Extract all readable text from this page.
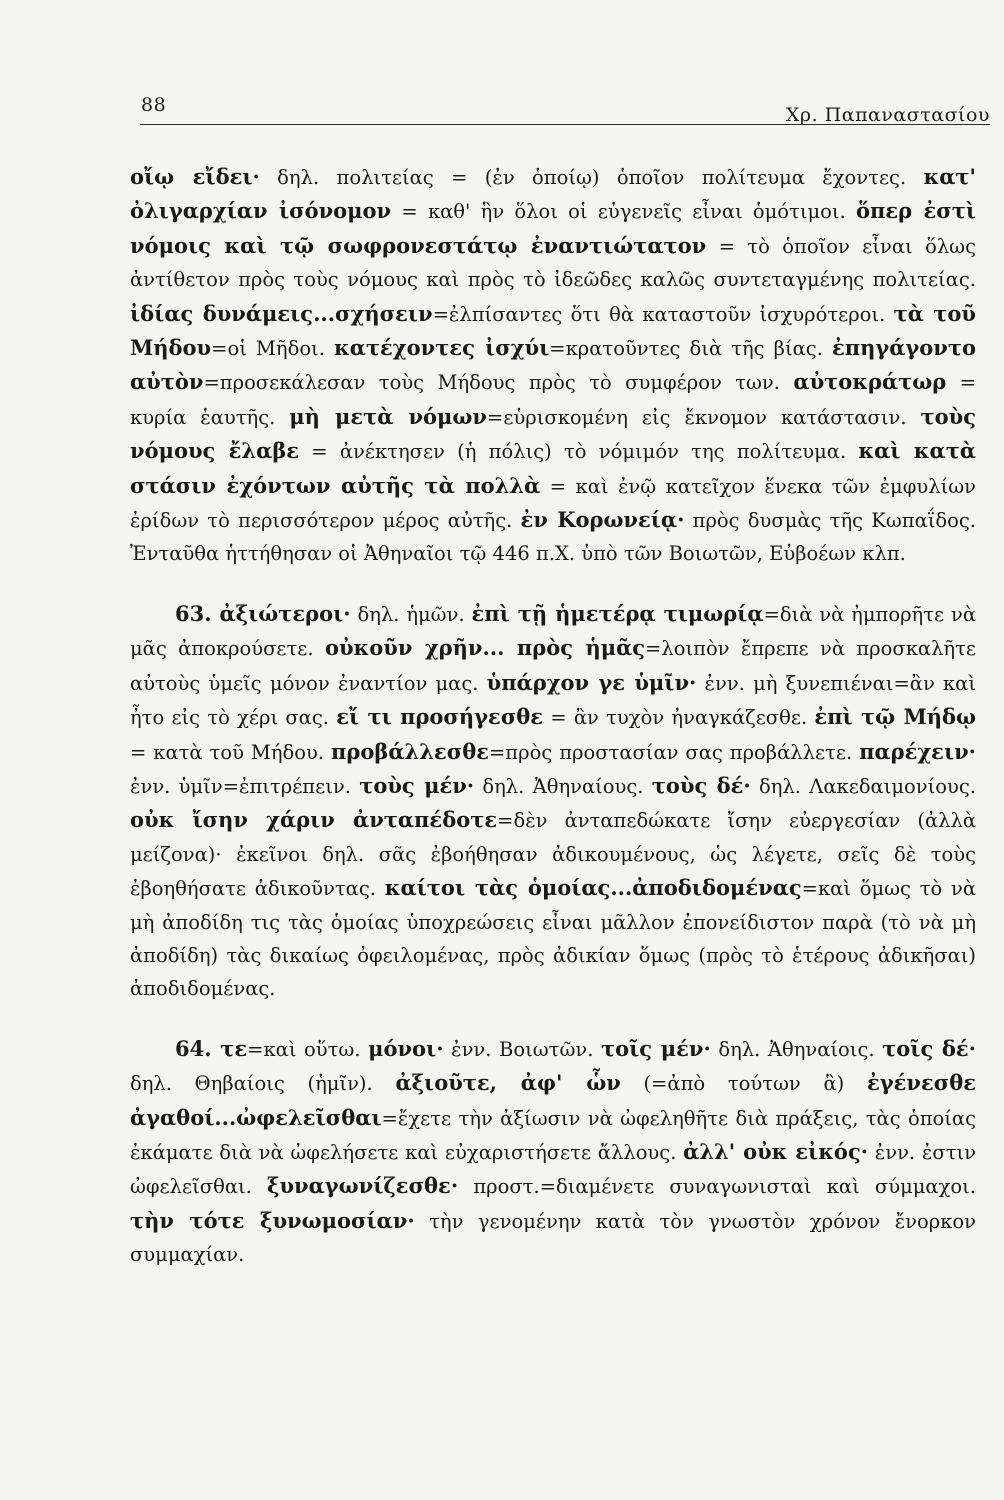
88	Χρ. Παπαναστασίου

οἴῳ εἴδει· δηλ. πολιτείας = (ἐν ὁποίῳ) ὁποῖον πολίτευμα ἔχοντες. κατ' ὀλιγαρχίαν ἰσόνομον = καθ' ἣν ὅλοι οἱ εὐγενεῖς εἶναι ὁμότιμοι. ὅπερ ἐστὶ νόμοις καὶ τῷ σωφρονεστάτῳ ἐναντιώτατον = τὸ ὁποῖον εἶναι ὅλως ἀντίθετον πρὸς τοὺς νόμους καὶ πρὸς τὸ ἰδεῶδες καλῶς συντεταγμένης πολιτείας. ἰδίας δυνάμεις...σχήσειν=ἐλπίσαντες ὅτι θὰ καταστοῦν ἰσχυρότεροι. τὰ τοῦ Μήδου=οἱ Μῆδοι. κατέχοντες ἰσχύι=κρατοῦντες διὰ τῆς βίας. ἐπηγάγοντο αὐτὸν=προσεκάλεσαν τοὺς Μήδους πρὸς τὸ συμφέρον των. αὐτοκράτωρ = κυρία ἑαυτῆς. μὴ μετὰ νόμων=εὑρισκομένη εἰς ἔκνομον κατάστασιν. τοὺς νόμους ἔλαβε = ἀνέκτησεν (ἡ πόλις) τὸ νόμιμόν της πολίτευμα. καὶ κατὰ στάσιν ἐχόντων αὐτῆς τὰ πολλὰ = καὶ ἐνῷ κατεῖχον ἕνεκα τῶν ἐμφυλίων ἐρίδων τὸ περισσότερον μέρος αὐτῆς. ἐν Κορωνείᾳ· πρὸς δυσμὰς τῆς Κωπαΐδος. Ἐνταῦθα ἡττήθησαν οἱ Ἀθηναῖοι τῷ 446 π.Χ. ὑπὸ τῶν Βοιωτῶν, Εὐβοέων κλπ.

63. ἀξιώτεροι· δηλ. ἡμῶν. ἐπὶ τῇ ἡμετέρᾳ τιμωρίᾳ=διὰ νὰ ἠμπορῆτε νὰ μᾶς ἀποκρούσετε. οὐκοῦν χρῆν... πρὸς ἡμᾶς=λοιπὸν ἔπρεπε νὰ προσκαλῆτε αὐτοὺς ὑμεῖς μόνον ἐναντίον μας. ὑπάρχον γε ὑμῖν· ἐνν. μὴ ξυνεπιέναι=ἂν καὶ ἦτο εἰς τὸ χέρι σας. εἴ τι προσήγεσθε = ἂν τυχὸν ἠναγκάζεσθε. ἐπὶ τῷ Μήδῳ = κατὰ τοῦ Μήδου. προβάλλεσθε=πρὸς προστασίαν σας προβάλλετε. παρέχειν· ἐνν. ὑμῖν=ἐπιτρέπειν. τοὺς μέν· δηλ. Ἀθηναίους. τοὺς δέ· δηλ. Λακεδαιμονίους. οὐκ ἴσην χάριν ἀνταπέδοτε=δὲν ἀνταπεδώκατε ἴσην εὐεργεσίαν (ἀλλὰ μείζονα)· ἐκεῖνοι δηλ. σᾶς ἐβοήθησαν ἀδικουμένους, ὡς λέγετε, σεῖς δὲ τοὺς ἐβοηθήσατε ἀδικοῦντας. καίτοι τὰς ὁμοίας...ἀποδιδομένας=καὶ ὅμως τὸ νὰ μὴ ἀποδίδη τις τὰς ὁμοίας ὑποχρεώσεις εἶναι μᾶλλον ἐπονείδιστον παρὰ (τὸ νὰ μὴ ἀποδίδη) τὰς δικαίως ὀφειλομένας, πρὸς ἀδικίαν ὅμως (πρὸς τὸ ἑτέρους ἀδικῆσαι) ἀποδιδομένας.

64. τε=καὶ οὕτω. μόνοι· ἐνν. Βοιωτῶν. τοῖς μέν· δηλ. Ἀθηναίοις. τοῖς δέ· δηλ. Θηβαίοις (ἡμῖν). ἀξιοῦτε, ἀφ' ὧν (=ἀπὸ τούτων ἃ) ἐγένεσθε ἀγαθοί...ὠφελεῖσθαι=ἔχετε τὴν ἀξίωσιν νὰ ὠφεληθῆτε διὰ πράξεις, τὰς ὁποίας ἐκάματε διὰ νὰ ὠφελήσετε καὶ εὐχαριστήσετε ἄλλους. ἀλλ' οὐκ εἰκός· ἐνν. ἐστιν ὠφελεῖσθαι. ξυναγωνίζεσθε· προστ.=διαμένετε συναγωνισταὶ καὶ σύμμαχοι. τὴν τότε ξυνωμοσίαν· τὴν γενομένην κατὰ τὸν γνωστὸν χρόνον ἔνορκον συμμαχίαν.
